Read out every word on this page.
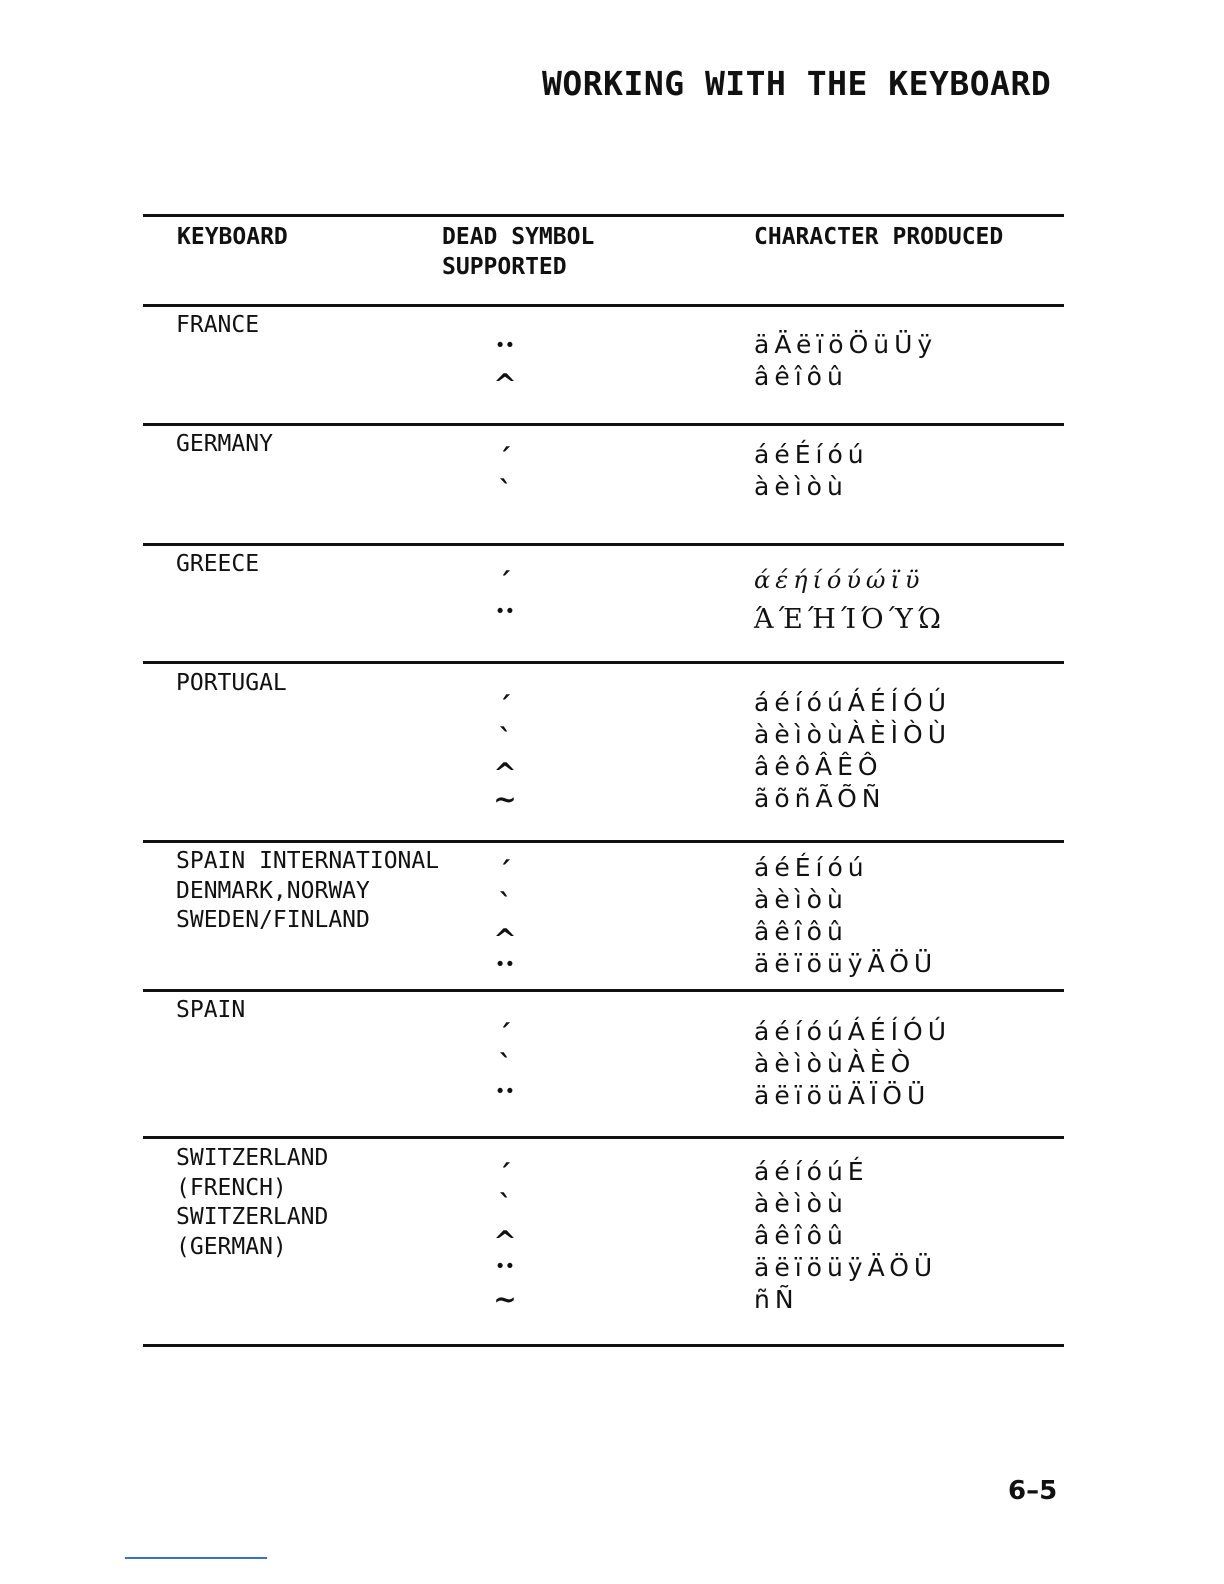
WORKING WITH THE KEYBOARD
KEYBOARD	DEAD SYMBOL
SUPPORTED
CHARACTER PRODUCED
FRANCE
··
^
äÄëïöÖüÜÿ
âêîôû
GERMANY	´
`
áéÉíóú
àèìòù
GREECE
´
··
άέήίόύώϊϋ
ΆΈΉΊΌΎΏ
PORTUGAL
´
`
^
~
áéíóúÁÉÍÓÚ
àèìòùÀÈÌÒÙ
âêôÂÊÔ
ãõñÃÕÑ
SPAIN INTERNATIONAL
DENMARK,NORWAY
SWEDEN/FINLAND
´
`
^
··
áéÉíóú
àèìòù
âêîôû
äëïöüÿÄÖÜ
SPAIN
´
`
··
áéíóúÁÉÍÓÚ
àèìòùÀÈÒ
äëïöüÄÏÖÜ
SWITZERLAND
(FRENCH)
SWITZERLAND
(GERMAN)
´
`
^
··
~
áéíóúÉ
àèìòù
âêîôû
äëïöüÿÄÖÜ
ñÑ
6–5
